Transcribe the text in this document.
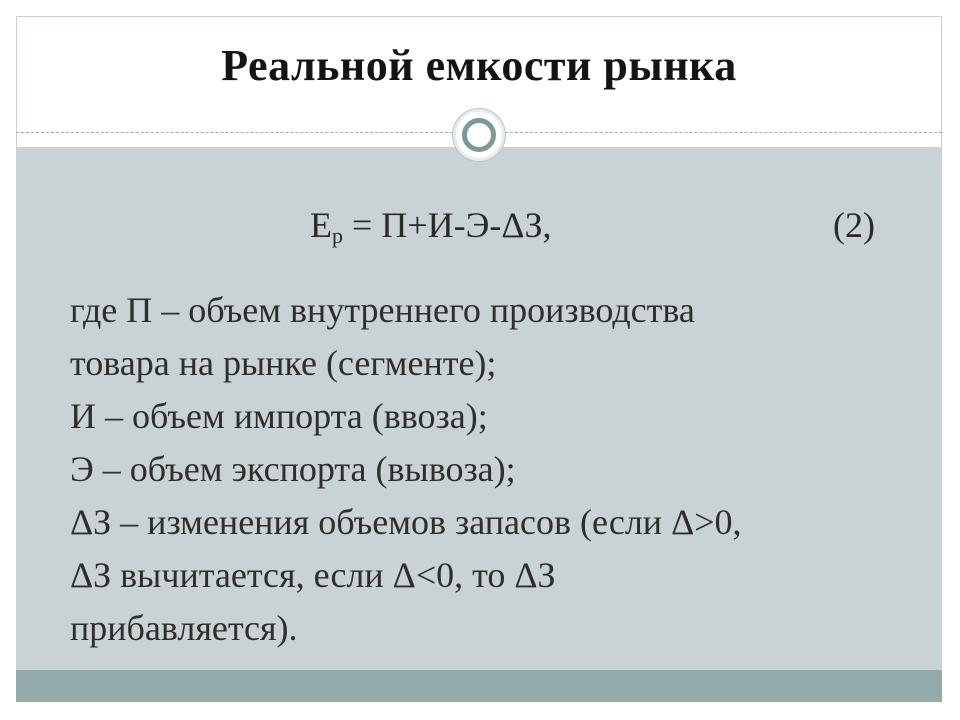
Реальной емкости рынка
$E_р = П+И-Э-\Delta З$,	(2)
где П – объем внутреннего производства
товара на рынке (сегменте);
И – объем импорта (ввоза);
Э – объем экспорта (вывоза);
ΔЗ – изменения объемов запасов (если Δ>0,
ΔЗ вычитается, если Δ<0, то ΔЗ
прибавляется).
